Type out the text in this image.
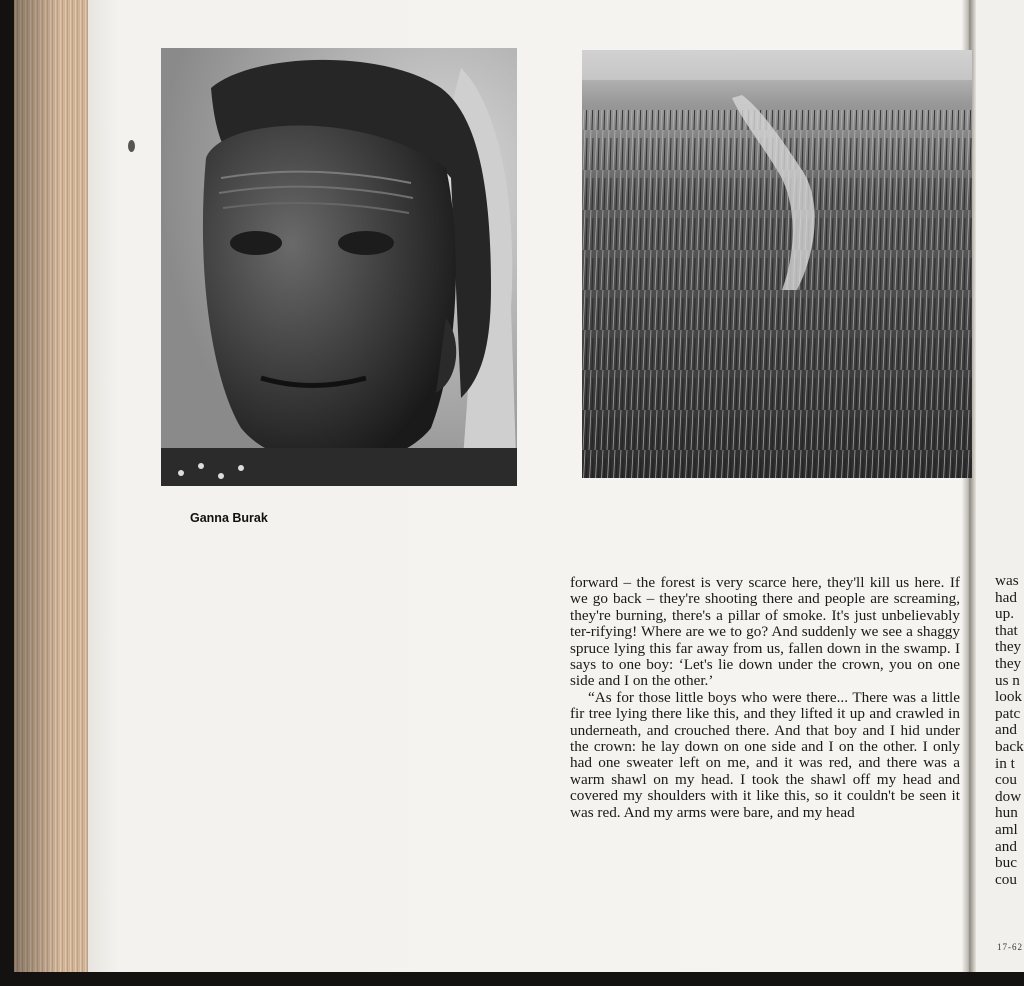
Ganna Burak

forward – the forest is very scarce here, they'll kill us here. If we go back – they're shooting there and people are screaming, they're burning, there's a pillar of smoke. It's just unbelievably ter-rifying! Where are we to go? And suddenly we see a shaggy spruce lying this far away from us, fallen down in the swamp. I says to one boy: ‘Let's lie down under the crown, you on one side and I on the other.’

“As for those little boys who were there... There was a little fir tree lying there like this, and they lifted it up and crawled in underneath, and crouched there. And that boy and I hid under the crown: he lay down on one side and I on the other. I only had one sweater left on me, and it was red, and there was a warm shawl on my head. I took the shawl off my head and covered my shoulders with it like this, so it couldn't be seen it was red. And my arms were bare, and my head

was
had
up.
that
they
they
us n
look
patc
and
back
in t
cou
dow
hun
aml
and
buc
cou
17-62
